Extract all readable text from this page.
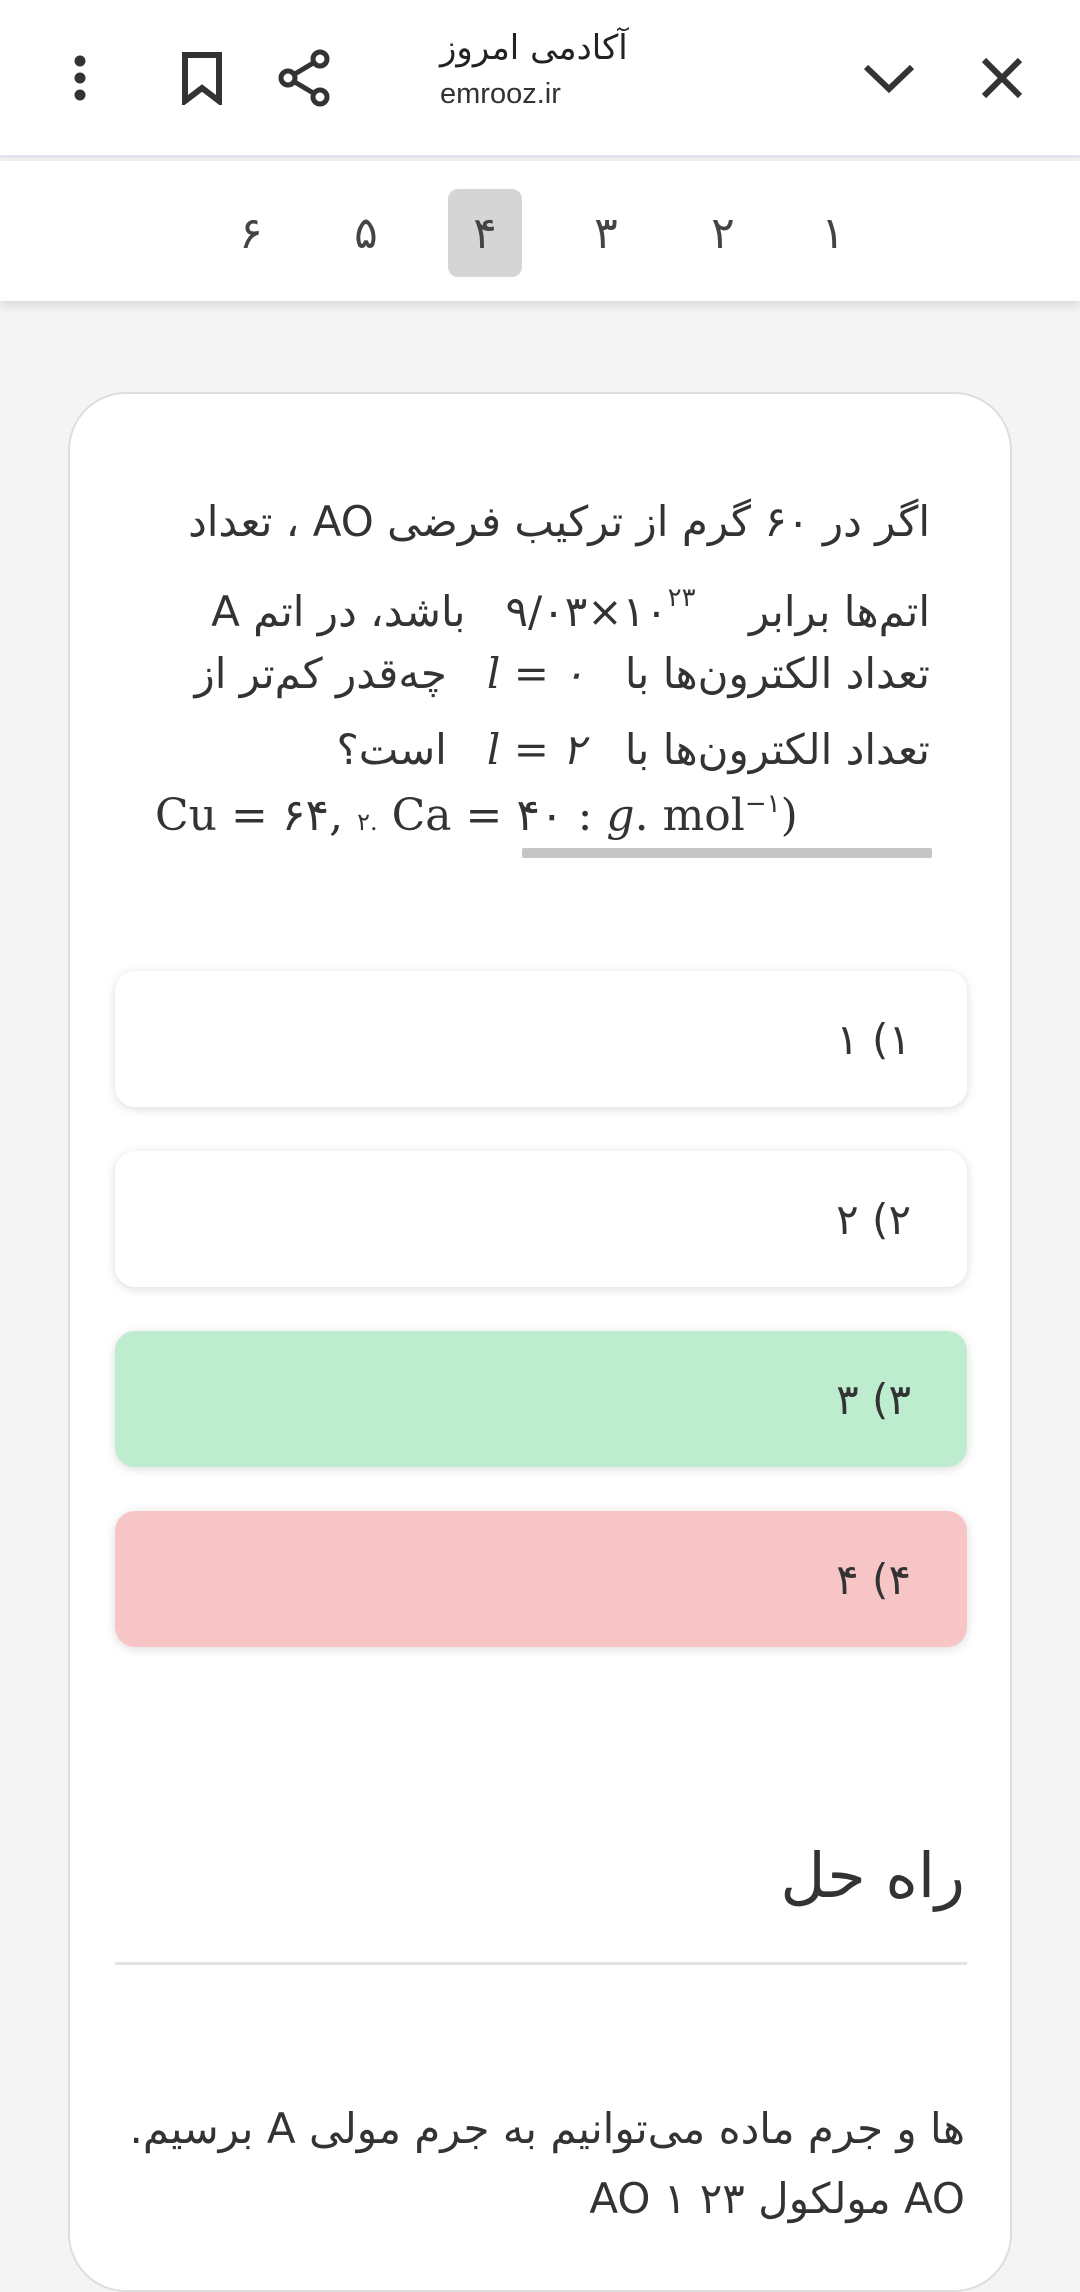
آکادمی امروز
emrooz.ir
۱
۲
۳
۴
۵
۶
اگر در ۶۰ گرم از ترکیب فرضی AO ، تعداد
اتم‌ها برابر    $۹/۰۳\times ۱۰^{۲۳}$   باشد، در اتم A
تعداد الکترون‌ها با   l = ۰   چه‌قدر کم‌تر از
تعداد الکترون‌ها با   l = ۲   است؟
Cu = ۶۴, ۲. Ca = ۴۰ : g. mol$^{-۱}$)
۱) ۱
۲) ۲
۳) ۳
۴) ۴
راه حل
ها و جرم ماده می‌توانیم به جرم مولی A برسیم.
AO مولکول AO ۱ ۲۳
